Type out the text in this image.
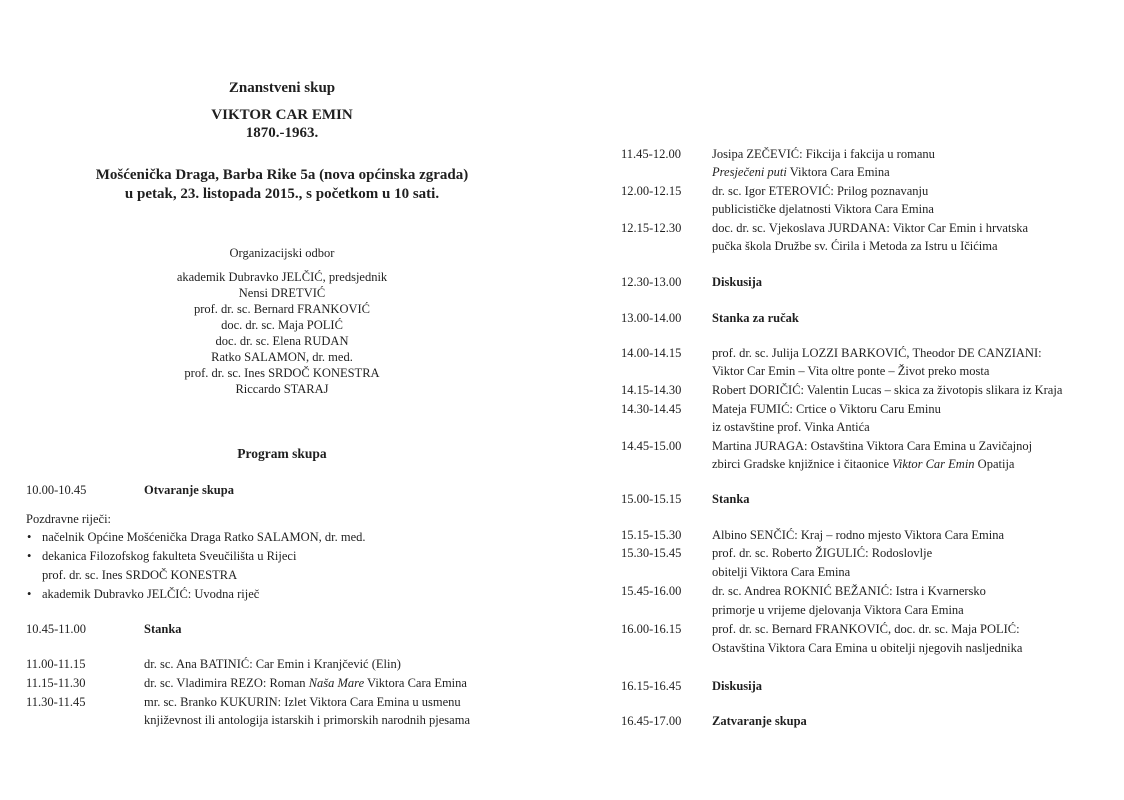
Znanstveni skup
VIKTOR CAR EMIN
1870.-1963.
Mošćenička Draga, Barba Rike 5a (nova općinska zgrada)
u petak, 23. listopada 2015., s početkom u 10 sati.
Organizacijski odbor
akademik Dubravko JELČIĆ, predsjednik
Nensi DRETVIĆ
prof. dr. sc. Bernard FRANKOVIĆ
doc. dr. sc. Maja POLIĆ
doc. dr. sc. Elena RUDAN
Ratko SALAMON, dr. med.
prof. dr. sc. Ines SRDOČ KONESTRA
Riccardo STARAJ
Program skupa
10.00-10.45	Otvaranje skupa
Pozdravne riječi:
• načelnik Općine Mošćenička Draga Ratko SALAMON, dr. med.
• dekanica Filozofskog fakulteta Sveučilišta u Rijeci
prof. dr. sc. Ines SRDOČ KONESTRA
• akademik Dubravko JELČIĆ: Uvodna riječ
10.45-11.00	Stanka
11.00-11.15	dr. sc. Ana BATINIĆ: Car Emin i Kranjčević (Elin)
11.15-11.30	dr. sc. Vladimira REZO: Roman Naša Mare Viktora Cara Emina
11.30-11.45	mr. sc. Branko KUKURIN: Izlet Viktora Cara Emina u usmenu
književnost ili antologija istarskih i primorskih narodnih pjesama
11.45-12.00 Josipa ZEČEVIĆ: Fikcija i fakcija u romanu
Presječeni puti Viktora Cara Emina
12.00-12.15 dr. sc. Igor ETEROVIĆ: Prilog poznavanju
publicističke djelatnosti Viktora Cara Emina
12.15-12.30 doc. dr. sc. Vjekoslava JURDANA: Viktor Car Emin i hrvatska
pučka škola Družbe sv. Ćirila i Metoda za Istru u Ičićima
12.30-13.00 Diskusija
13.00-14.00 Stanka za ručak
14.00-14.15 prof. dr. sc. Julija LOZZI BARKOVIĆ, Theodor DE CANZIANI:
Viktor Car Emin – Vita oltre ponte – Život preko mosta
14.15-14.30 Robert DORIČIĆ: Valentin Lucas – skica za životopis slikara iz Kraja
14.30-14.45 Mateja FUMIĆ: Crtice o Viktoru Caru Eminu
iz ostavštine prof. Vinka Antića
14.45-15.00 Martina JURAGA: Ostavština Viktora Cara Emina u Zavičajnoj
zbirci Gradske knjižnice i čitaonice Viktor Car Emin Opatija
15.00-15.15 Stanka
15.15-15.30 Albino SENČIĆ: Kraj – rodno mjesto Viktora Cara Emina
15.30-15.45 prof. dr. sc. Roberto ŽIGULIĆ: Rodoslovlje
obitelji Viktora Cara Emina
15.45-16.00 dr. sc. Andrea ROKNIĆ BEŽANIĆ: Istra i Kvarnersko
primorje u vrijeme djelovanja Viktora Cara Emina
16.00-16.15 prof. dr. sc. Bernard FRANKOVIĆ, doc. dr. sc. Maja POLIĆ:
Ostavština Viktora Cara Emina u obitelji njegovih nasljednika
16.15-16.45 Diskusija
16.45-17.00 Zatvaranje skupa
